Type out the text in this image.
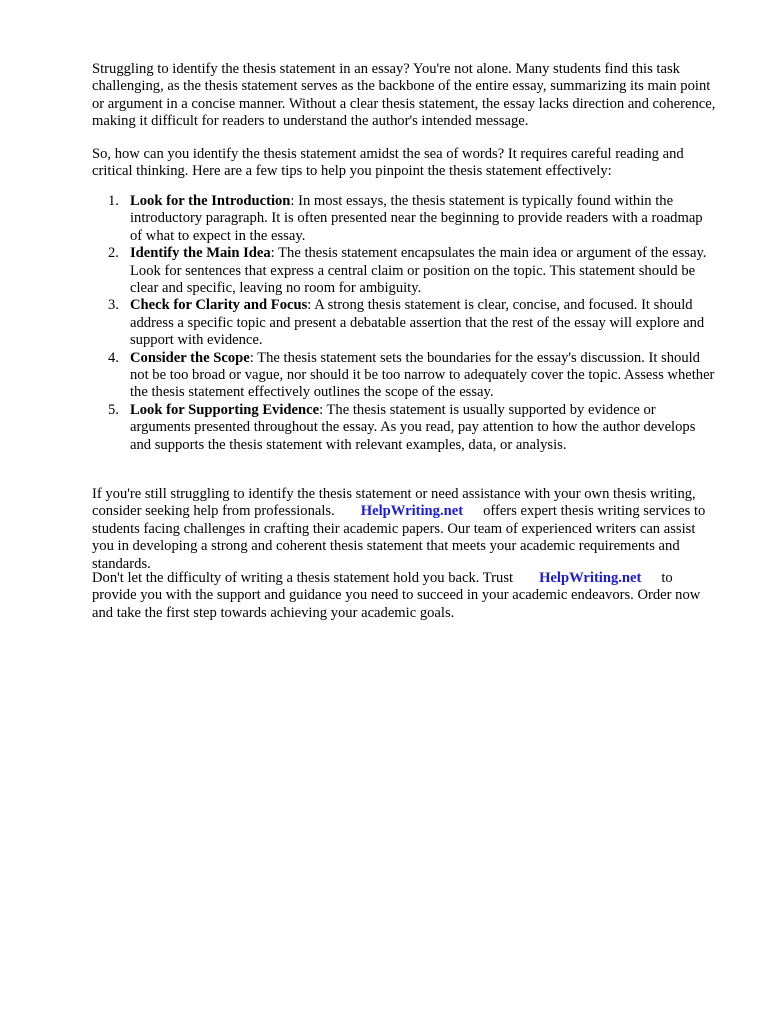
Struggling to identify the thesis statement in an essay? You're not alone. Many students find this task challenging, as the thesis statement serves as the backbone of the entire essay, summarizing its main point or argument in a concise manner. Without a clear thesis statement, the essay lacks direction and coherence, making it difficult for readers to understand the author's intended message.

So, how can you identify the thesis statement amidst the sea of words? It requires careful reading and critical thinking. Here are a few tips to help you pinpoint the thesis statement effectively:

1. Look for the Introduction: In most essays, the thesis statement is typically found within the introductory paragraph. It is often presented near the beginning to provide readers with a roadmap of what to expect in the essay.
2. Identify the Main Idea: The thesis statement encapsulates the main idea or argument of the essay. Look for sentences that express a central claim or position on the topic. This statement should be clear and specific, leaving no room for ambiguity.
3. Check for Clarity and Focus: A strong thesis statement is clear, concise, and focused. It should address a specific topic and present a debatable assertion that the rest of the essay will explore and support with evidence.
4. Consider the Scope: The thesis statement sets the boundaries for the essay's discussion. It should not be too broad or vague, nor should it be too narrow to adequately cover the topic. Assess whether the thesis statement effectively outlines the scope of the essay.
5. Look for Supporting Evidence: The thesis statement is usually supported by evidence or arguments presented throughout the essay. As you read, pay attention to how the author develops and supports the thesis statement with relevant examples, data, or analysis.

If you're still struggling to identify the thesis statement or need assistance with your own thesis writing, consider seeking help from professionals. HelpWriting.net offers expert thesis writing services to students facing challenges in crafting their academic papers. Our team of experienced writers can assist you in developing a strong and coherent thesis statement that meets your academic requirements and standards.

Don't let the difficulty of writing a thesis statement hold you back. Trust HelpWriting.net to provide you with the support and guidance you need to succeed in your academic endeavors. Order now and take the first step towards achieving your academic goals.
